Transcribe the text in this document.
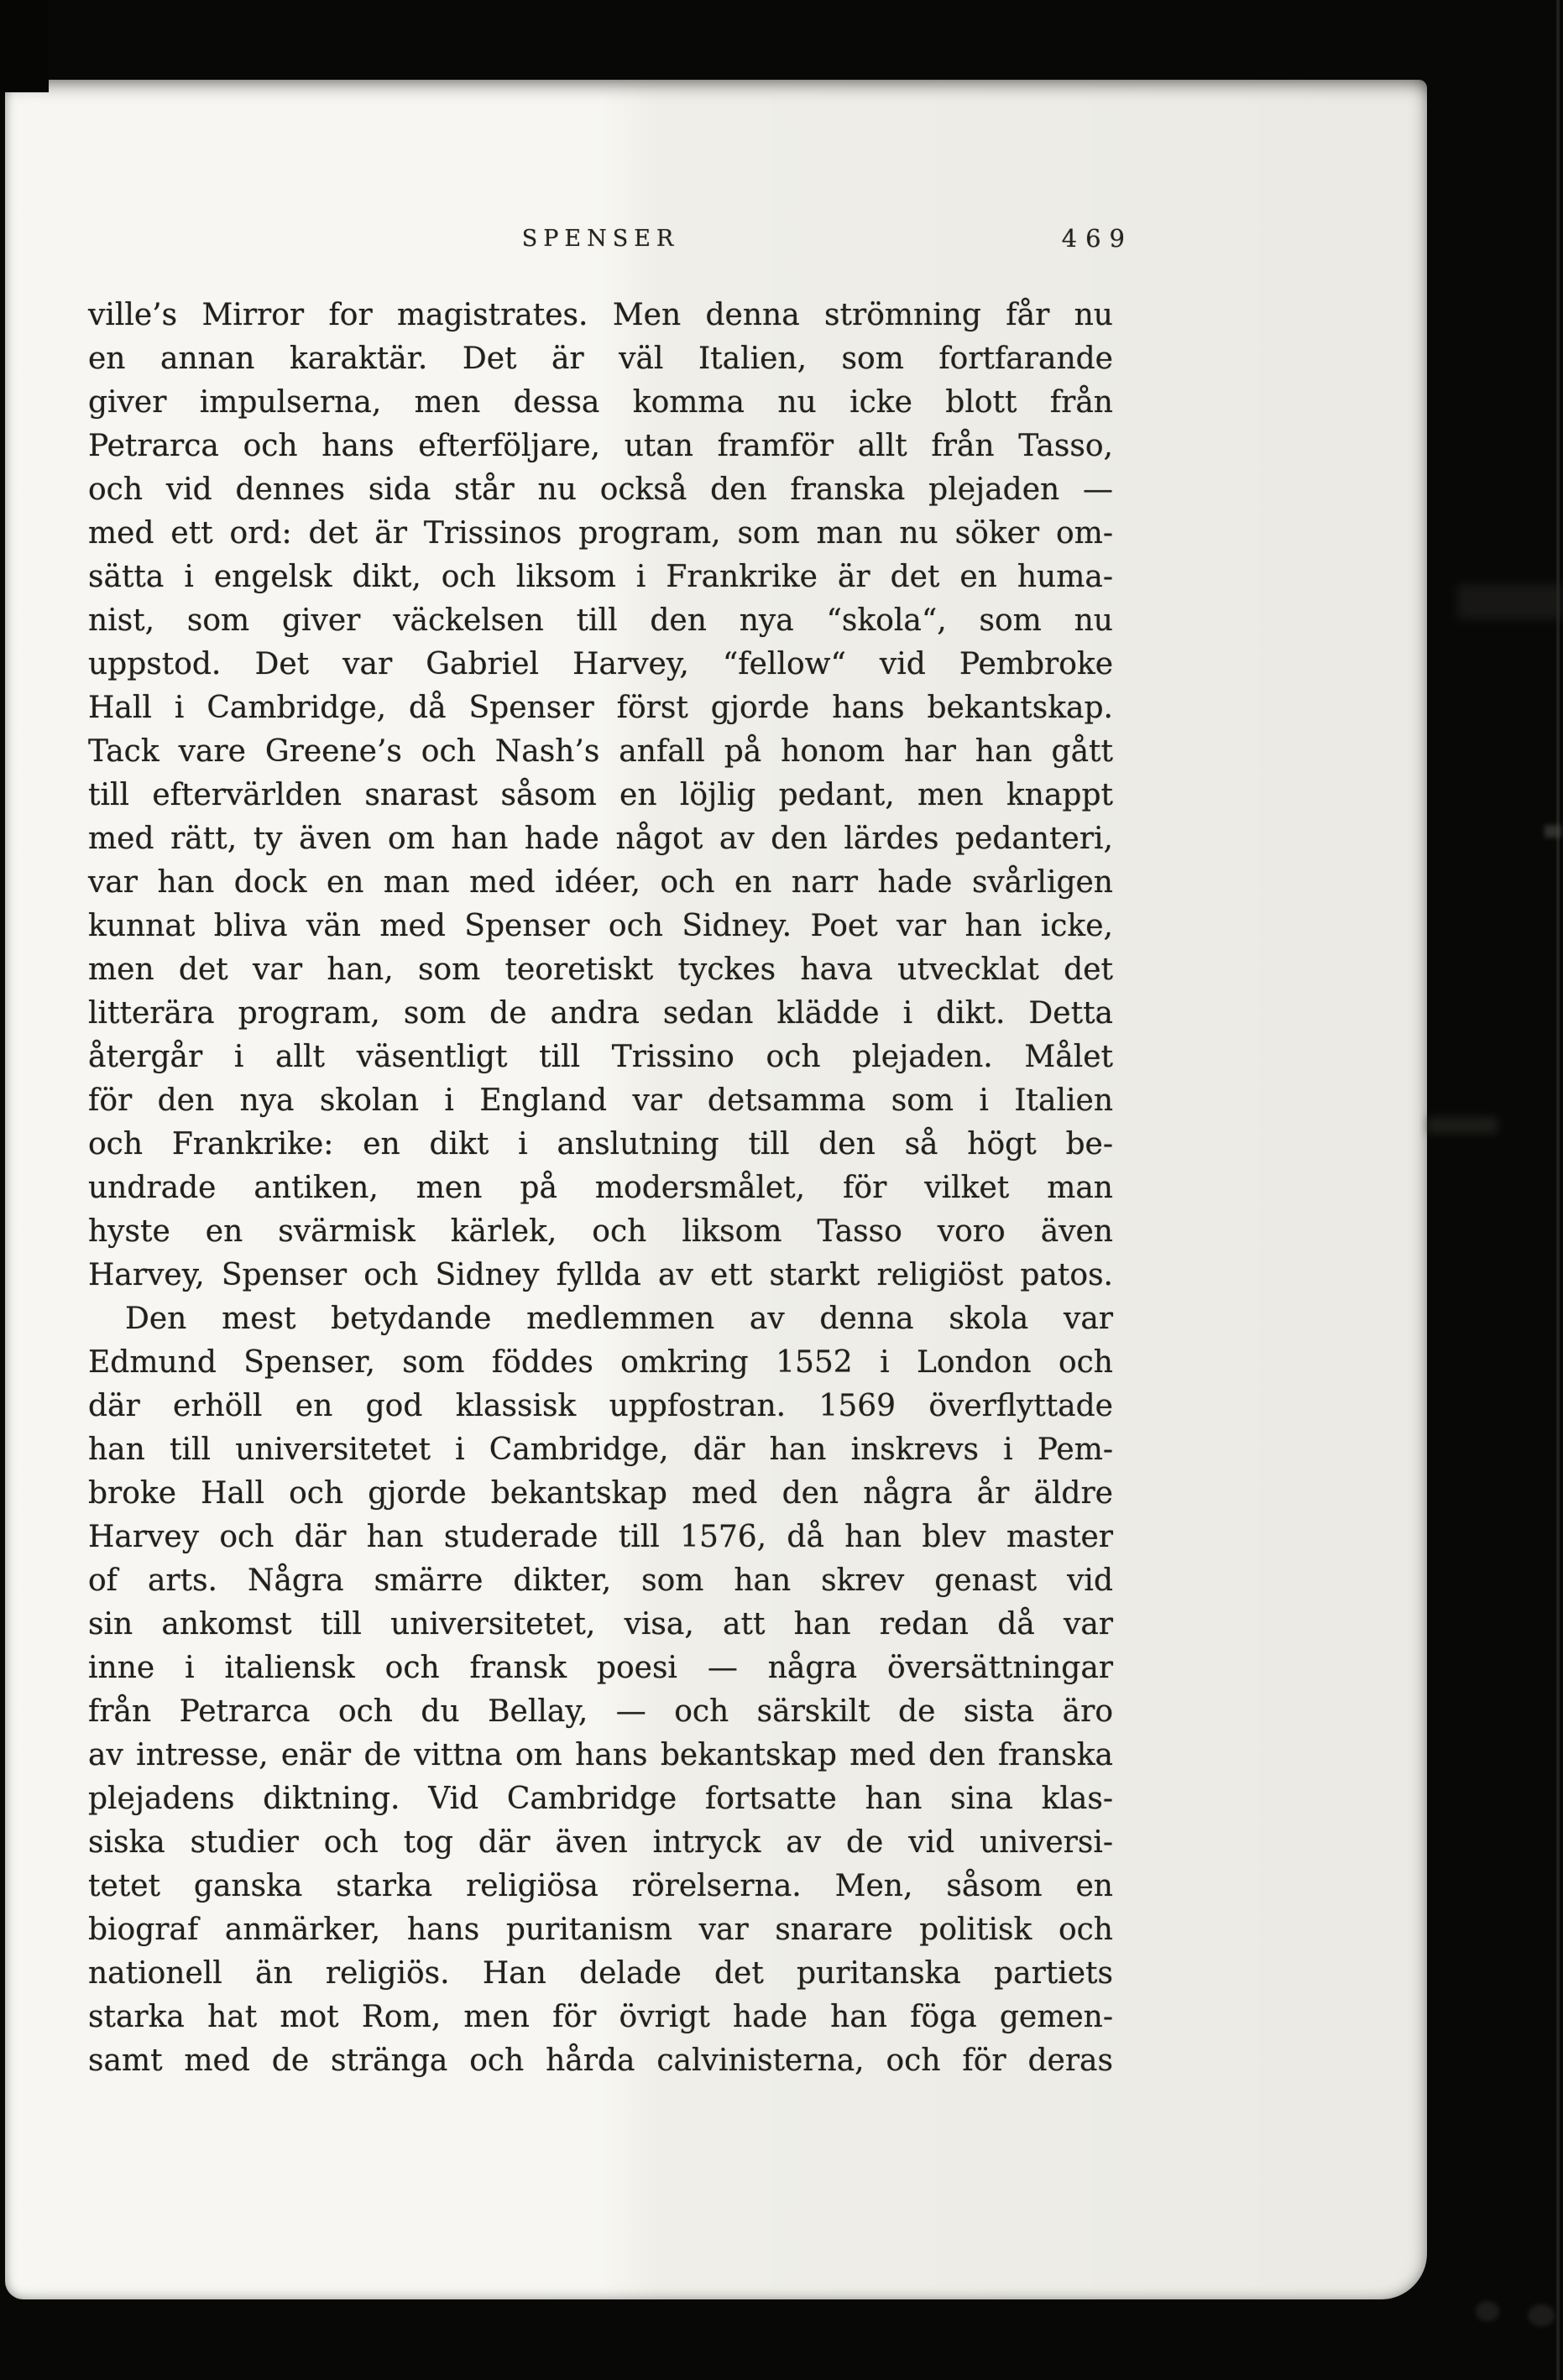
SPENSER	469
ville’s Mirror for magistrates. Men denna strömning får nu
en annan karaktär. Det är väl Italien, som fortfarande
giver impulserna, men dessa komma nu icke blott från
Petrarca och hans efterföljare, utan framför allt från Tasso,
och vid dennes sida står nu också den franska plejaden —
med ett ord: det är Trissinos program, som man nu söker om-
sätta i engelsk dikt, och liksom i Frankrike är det en huma-
nist, som giver väckelsen till den nya “skola“, som nu
uppstod. Det var Gabriel Harvey, “fellow“ vid Pembroke
Hall i Cambridge, då Spenser först gjorde hans bekantskap.
Tack vare Greene’s och Nash’s anfall på honom har han gått
till eftervärlden snarast såsom en löjlig pedant, men knappt
med rätt, ty även om han hade något av den lärdes pedanteri,
var han dock en man med idéer, och en narr hade svårligen
kunnat bliva vän med Spenser och Sidney. Poet var han icke,
men det var han, som teoretiskt tyckes hava utvecklat det
litterära program, som de andra sedan klädde i dikt. Detta
återgår i allt väsentligt till Trissino och plejaden. Målet
för den nya skolan i England var detsamma som i Italien
och Frankrike: en dikt i anslutning till den så högt be-
undrade antiken, men på modersmålet, för vilket man
hyste en svärmisk kärlek, och liksom Tasso voro även
Harvey, Spenser och Sidney fyllda av ett starkt religiöst patos.
Den mest betydande medlemmen av denna skola var
Edmund Spenser, som föddes omkring 1552 i London och
där erhöll en god klassisk uppfostran. 1569 överflyttade
han till universitetet i Cambridge, där han inskrevs i Pem-
broke Hall och gjorde bekantskap med den några år äldre
Harvey och där han studerade till 1576, då han blev master
of arts. Några smärre dikter, som han skrev genast vid
sin ankomst till universitetet, visa, att han redan då var
inne i italiensk och fransk poesi — några översättningar
från Petrarca och du Bellay, — och särskilt de sista äro
av intresse, enär de vittna om hans bekantskap med den franska
plejadens diktning. Vid Cambridge fortsatte han sina klas-
siska studier och tog där även intryck av de vid universi-
tetet ganska starka religiösa rörelserna. Men, såsom en
biograf anmärker, hans puritanism var snarare politisk och
nationell än religiös. Han delade det puritanska partiets
starka hat mot Rom, men för övrigt hade han föga gemen-
samt med de stränga och hårda calvinisterna, och för deras
